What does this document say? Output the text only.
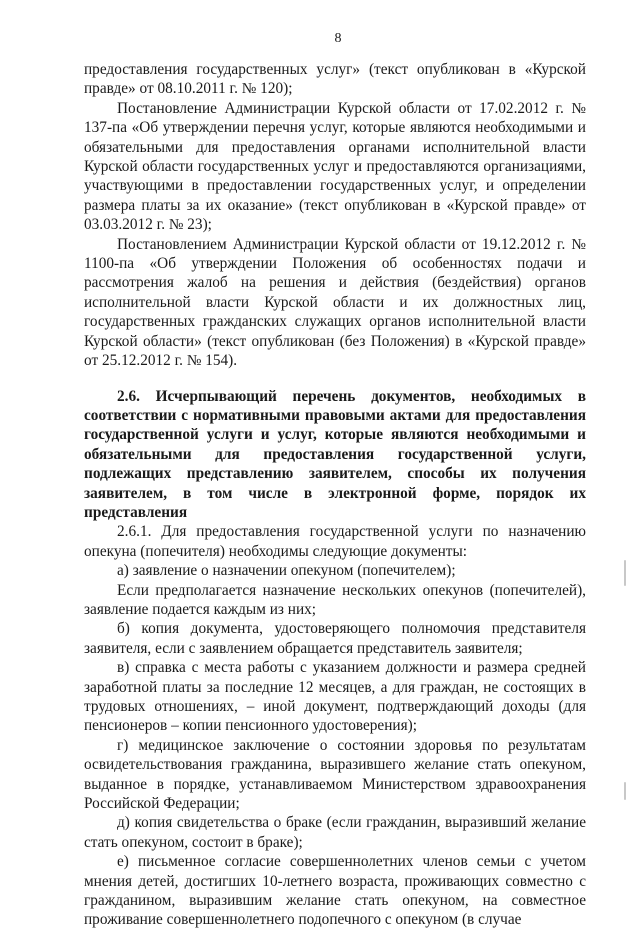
8

предоставления государственных услуг» (текст опубликован в «Курской правде» от 08.10.2011 г. № 120);

Постановление Администрации Курской области от 17.02.2012 г. № 137-па «Об утверждении перечня услуг, которые являются необходимыми и обязательными для предоставления органами исполнительной власти Курской области государственных услуг и предоставляются организациями, участвующими в предоставлении государственных услуг, и определении размера платы за их оказание» (текст опубликован в «Курской правде» от 03.03.2012 г. № 23);

Постановлением Администрации Курской области от 19.12.2012 г. № 1100-па «Об утверждении Положения об особенностях подачи и рассмотрения жалоб на решения и действия (бездействия) органов исполнительной власти Курской области и их должностных лиц, государственных гражданских служащих органов исполнительной власти Курской области» (текст опубликован (без Положения) в «Курской правде» от 25.12.2012 г. № 154).

2.6. Исчерпывающий перечень документов, необходимых в соответствии с нормативными правовыми актами для предоставления государственной услуги и услуг, которые являются необходимыми и обязательными для предоставления государственной услуги, подлежащих представлению заявителем, способы их получения заявителем, в том числе в электронной форме, порядок их представления

2.6.1. Для предоставления государственной услуги по назначению опекуна (попечителя) необходимы следующие документы:

а) заявление о назначении опекуном (попечителем);

Если предполагается назначение нескольких опекунов (попечителей), заявление подается каждым из них;

б) копия документа, удостоверяющего полномочия представителя заявителя, если с заявлением обращается представитель заявителя;

в) справка с места работы с указанием должности и размера средней заработной платы за последние 12 месяцев, а для граждан, не состоящих в трудовых отношениях, – иной документ, подтверждающий доходы (для пенсионеров – копии пенсионного удостоверения);

г) медицинское заключение о состоянии здоровья по результатам освидетельствования гражданина, выразившего желание стать опекуном, выданное в порядке, устанавливаемом Министерством здравоохранения Российской Федерации;

д) копия свидетельства о браке (если гражданин, выразивший желание стать опекуном, состоит в браке);

е) письменное согласие совершеннолетних членов семьи с учетом мнения детей, достигших 10-летнего возраста, проживающих совместно с гражданином, выразившим желание стать опекуном, на совместное проживание совершеннолетнего подопечного с опекуном (в случае
